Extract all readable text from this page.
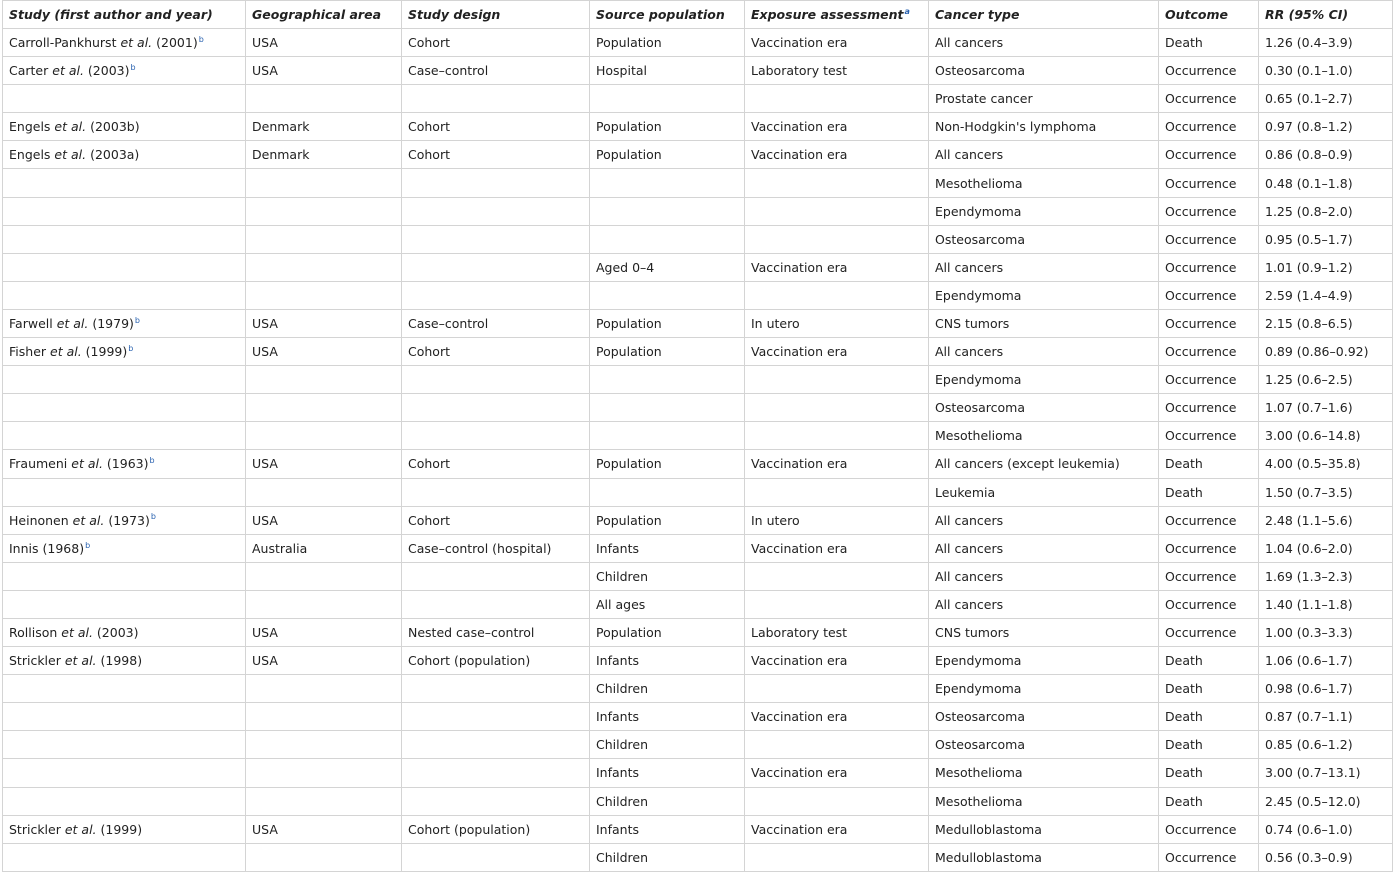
Study (first author and year)	Geographical area	Study design	Source population	Exposure assessment$^a$	Cancer type	Outcome	RR (95% CI)
Carroll-Pankhurst et al. $(2001)^b$	USA	Cohort	Population	Vaccination era	All cancers	Death	1.26 (0.4–3.9)
Carter et al. $(2003)^b$	USA	Case–control	Hospital	Laboratory test	Osteosarcoma	Occurrence	0.30 (0.1–1.0)
					Prostate cancer	Occurrence	0.65 (0.1–2.7)
Engels et al. (2003b)	Denmark	Cohort	Population	Vaccination era	Non-Hodgkin's lymphoma	Occurrence	0.97 (0.8–1.2)
Engels et al. (2003a)	Denmark	Cohort	Population	Vaccination era	All cancers	Occurrence	0.86 (0.8–0.9)
					Mesothelioma	Occurrence	0.48 (0.1–1.8)
					Ependymoma	Occurrence	1.25 (0.8–2.0)
					Osteosarcoma	Occurrence	0.95 (0.5–1.7)
			Aged 0–4	Vaccination era	All cancers	Occurrence	1.01 (0.9–1.2)
					Ependymoma	Occurrence	2.59 (1.4–4.9)
Farwell et al. $(1979)^b$	USA	Case–control	Population	In utero	CNS tumors	Occurrence	2.15 (0.8–6.5)
Fisher et al. $(1999)^b$	USA	Cohort	Population	Vaccination era	All cancers	Occurrence	0.89 (0.86–0.92)
					Ependymoma	Occurrence	1.25 (0.6–2.5)
					Osteosarcoma	Occurrence	1.07 (0.7–1.6)
					Mesothelioma	Occurrence	3.00 (0.6–14.8)
Fraumeni et al. $(1963)^b$	USA	Cohort	Population	Vaccination era	All cancers (except leukemia)	Death	4.00 (0.5–35.8)
					Leukemia	Death	1.50 (0.7–3.5)
Heinonen et al. $(1973)^b$	USA	Cohort	Population	In utero	All cancers	Occurrence	2.48 (1.1–5.6)
Innis $(1968)^b$	Australia	Case–control (hospital)	Infants	Vaccination era	All cancers	Occurrence	1.04 (0.6–2.0)
			Children		All cancers	Occurrence	1.69 (1.3–2.3)
			All ages		All cancers	Occurrence	1.40 (1.1–1.8)
Rollison et al. (2003)	USA	Nested case–control	Population	Laboratory test	CNS tumors	Occurrence	1.00 (0.3–3.3)
Strickler et al. (1998)	USA	Cohort (population)	Infants	Vaccination era	Ependymoma	Death	1.06 (0.6–1.7)
			Children		Ependymoma	Death	0.98 (0.6–1.7)
			Infants	Vaccination era	Osteosarcoma	Death	0.87 (0.7–1.1)
			Children		Osteosarcoma	Death	0.85 (0.6–1.2)
			Infants	Vaccination era	Mesothelioma	Death	3.00 (0.7–13.1)
			Children		Mesothelioma	Death	2.45 (0.5–12.0)
Strickler et al. (1999)	USA	Cohort (population)	Infants	Vaccination era	Medulloblastoma	Occurrence	0.74 (0.6–1.0)
			Children		Medulloblastoma	Occurrence	0.56 (0.3–0.9)
